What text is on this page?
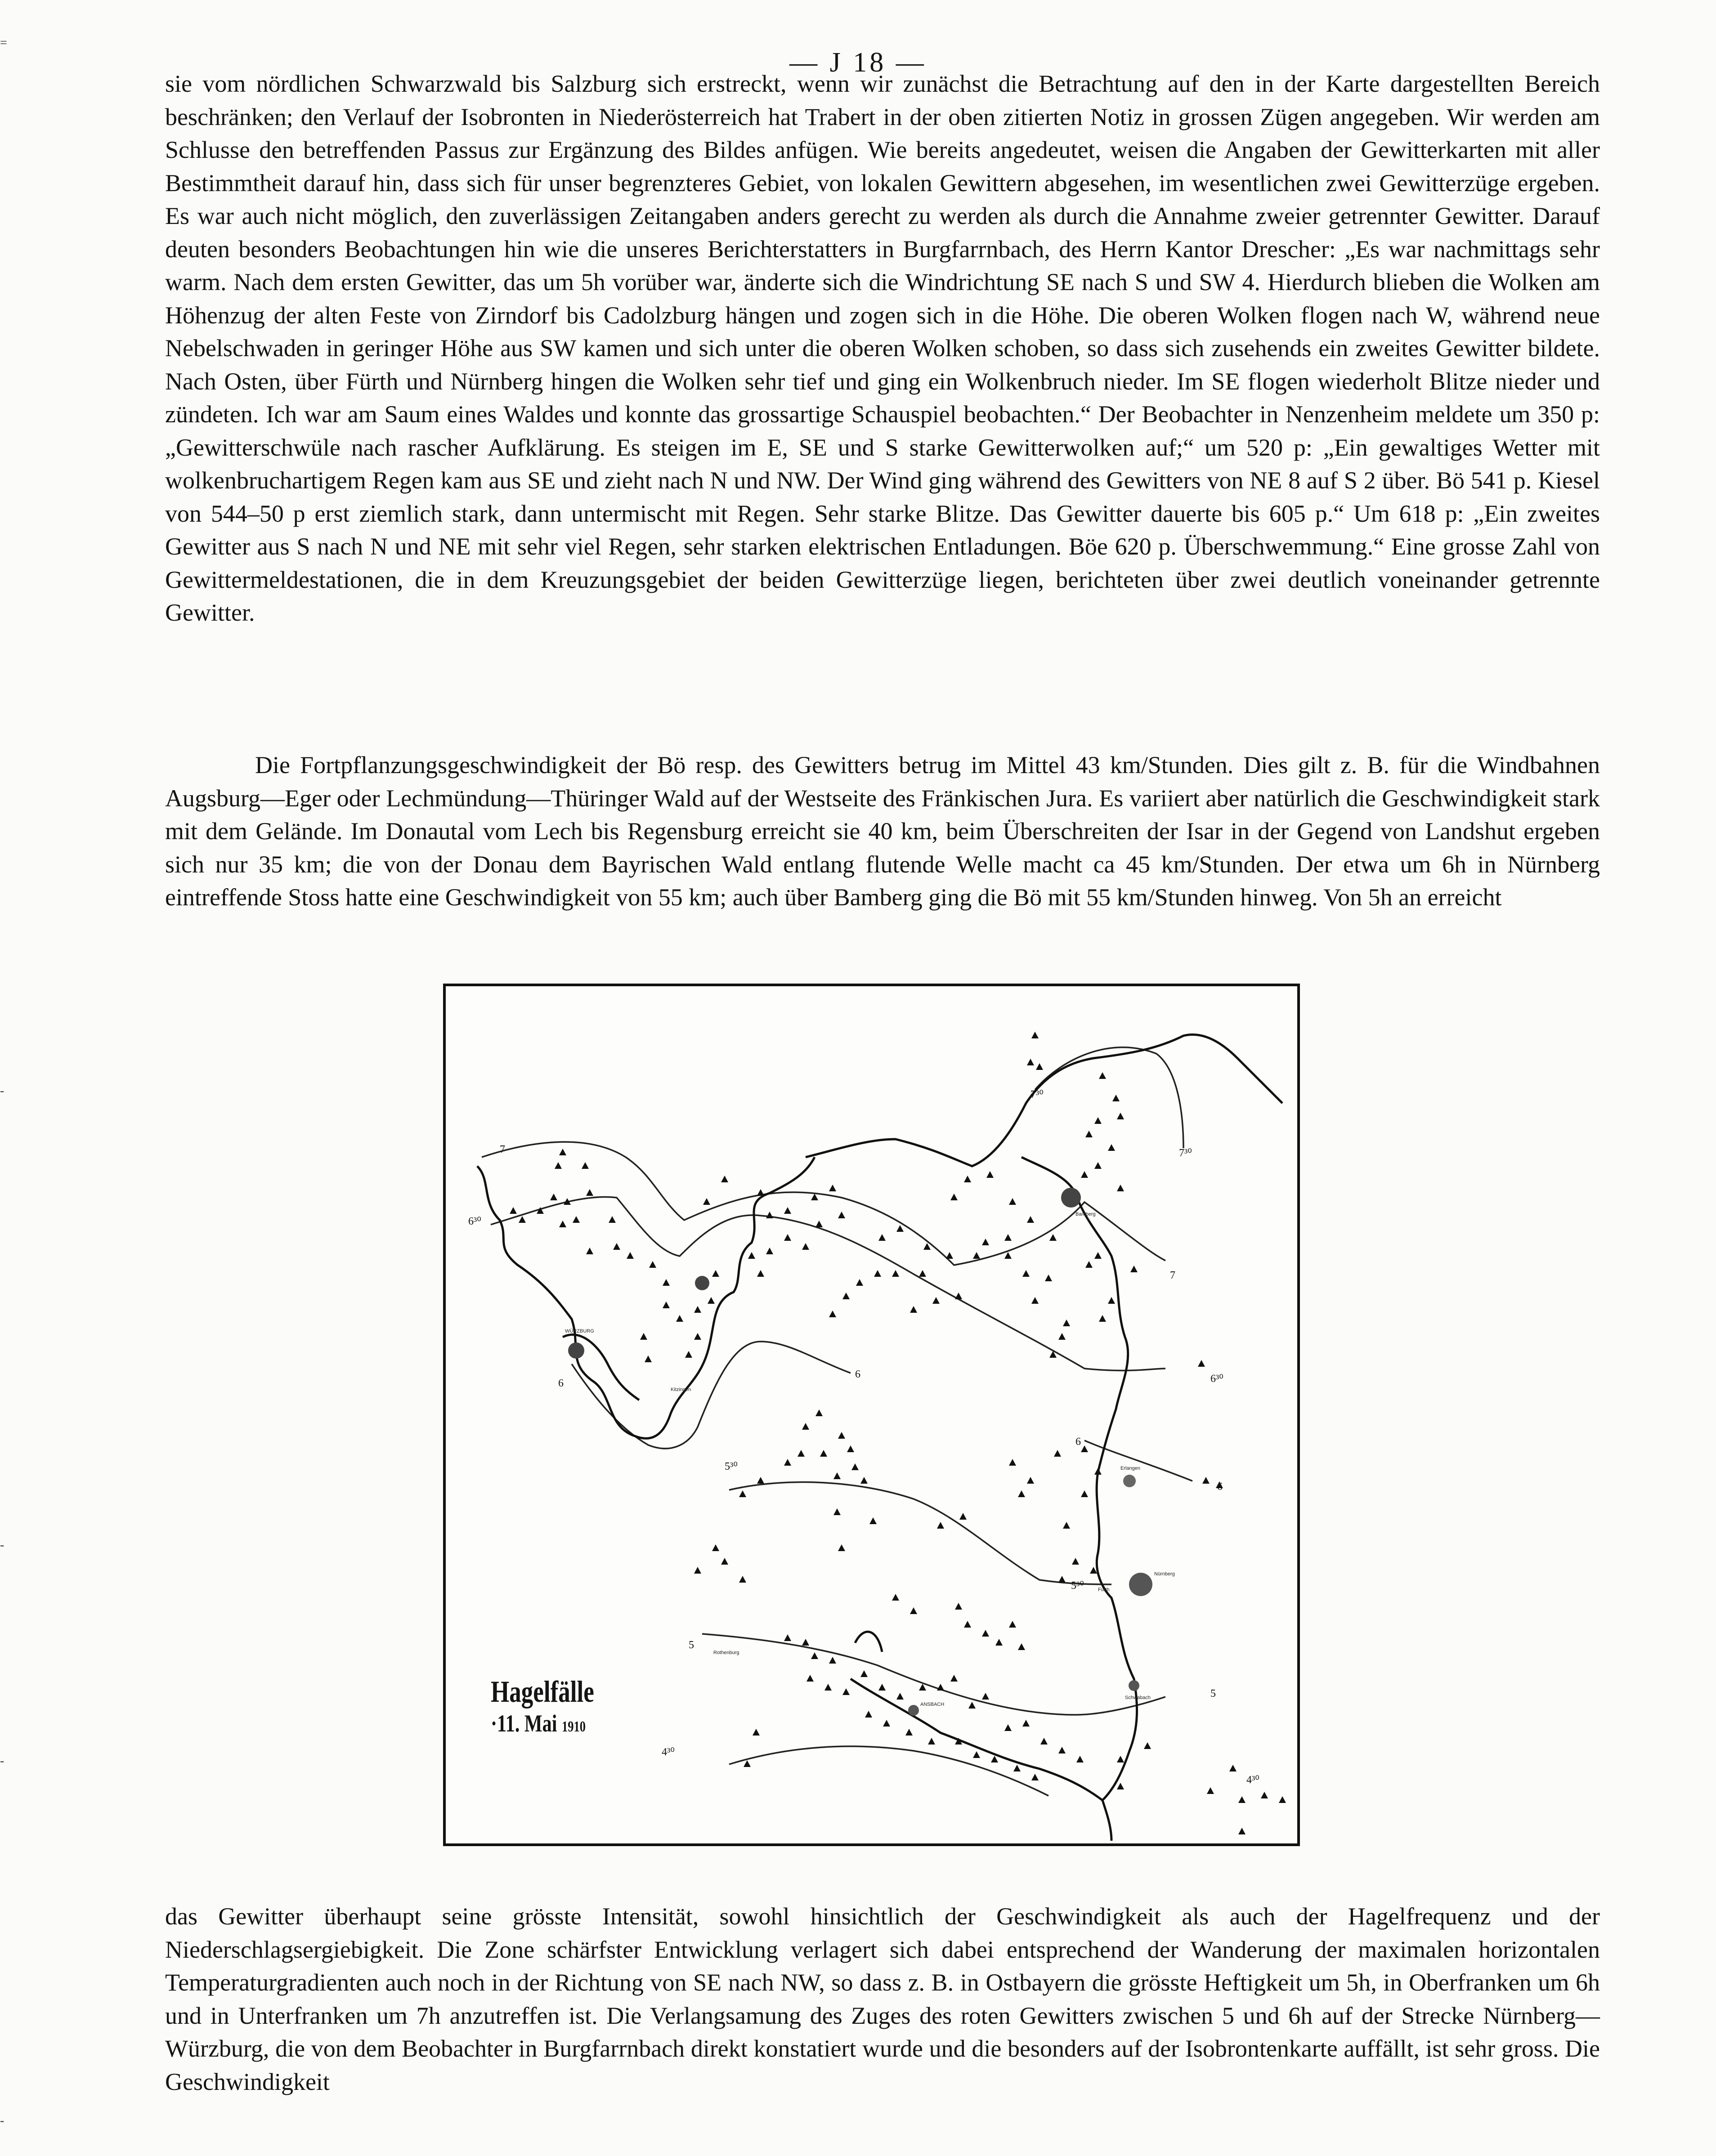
— J 18 —

sie vom nördlichen Schwarzwald bis Salzburg sich erstreckt, wenn wir zunächst die Betrachtung auf den in der Karte dargestellten Bereich beschränken; den Verlauf der Isobronten in Niederösterreich hat Trabert in der oben zitierten Notiz in grossen Zügen angegeben. Wir werden am Schlusse den betreffenden Passus zur Ergänzung des Bildes anfügen. Wie bereits angedeutet, weisen die Angaben der Gewitterkarten mit aller Bestimmtheit darauf hin, dass sich für unser begrenzteres Gebiet, von lokalen Gewittern abgesehen, im wesentlichen zwei Gewitterzüge ergeben. Es war auch nicht möglich, den zuverlässigen Zeitangaben anders gerecht zu werden als durch die Annahme zweier getrennter Gewitter. Darauf deuten besonders Beobachtungen hin wie die unseres Berichterstatters in Burgfarrnbach, des Herrn Kantor Drescher: „Es war nachmittags sehr warm. Nach dem ersten Gewitter, das um 5h vorüber war, änderte sich die Windrichtung SE nach S und SW 4. Hierdurch blieben die Wolken am Höhenzug der alten Feste von Zirndorf bis Cadolzburg hängen und zogen sich in die Höhe. Die oberen Wolken flogen nach W, während neue Nebelschwaden in geringer Höhe aus SW kamen und sich unter die oberen Wolken schoben, so dass sich zusehends ein zweites Gewitter bildete. Nach Osten, über Fürth und Nürnberg hingen die Wolken sehr tief und ging ein Wolkenbruch nieder. Im SE flogen wiederholt Blitze nieder und zündeten. Ich war am Saum eines Waldes und konnte das grossartige Schauspiel beobachten.“ Der Beobachter in Nenzenheim meldete um 350 p: „Gewitterschwüle nach rascher Aufklärung. Es steigen im E, SE und S starke Gewitterwolken auf;“ um 520 p: „Ein gewaltiges Wetter mit wolkenbruchartigem Regen kam aus SE und zieht nach N und NW. Der Wind ging während des Gewitters von NE 8 auf S 2 über. Bö 541 p. Kiesel von 544–50 p erst ziemlich stark, dann untermischt mit Regen. Sehr starke Blitze. Das Gewitter dauerte bis 605 p.“ Um 618 p: „Ein zweites Gewitter aus S nach N und NE mit sehr viel Regen, sehr starken elektrischen Entladungen. Böe 620 p. Überschwemmung.“ Eine grosse Zahl von Gewittermeldestationen, die in dem Kreuzungsgebiet der beiden Gewitterzüge liegen, berichteten über zwei deutlich voneinander getrennte Gewitter.

Die Fortpflanzungsgeschwindigkeit der Bö resp. des Gewitters betrug im Mittel 43 km/Stunden. Dies gilt z. B. für die Windbahnen Augsburg—Eger oder Lechmündung—Thüringer Wald auf der Westseite des Fränkischen Jura. Es variiert aber natürlich die Geschwindigkeit stark mit dem Gelände. Im Donautal vom Lech bis Regensburg erreicht sie 40 km, beim Überschreiten der Isar in der Gegend von Landshut ergeben sich nur 35 km; die von der Donau dem Bayrischen Wald entlang flutende Welle macht ca 45 km/Stunden. Der etwa um 6h in Nürnberg eintreffende Stoss hatte eine Geschwindigkeit von 55 km; auch über Bamberg ging die Bö mit 55 km/Stunden hinweg. Von 5h an erreicht

7³⁰
7³⁰
7
6³⁰
7
6
6	6³⁰
6
5³⁰
5³⁰
5
5
4³⁰
4³⁰
Bamberg
WÜRZBURG
Kitzingen
Erlangen
Nürnberg
Fürth
Rothenburg
ANSBACH
Schwabach
Hagelfälle
·11. Mai 1910

das Gewitter überhaupt seine grösste Intensität, sowohl hinsichtlich der Geschwindigkeit als auch der Hagelfrequenz und der Niederschlagsergiebigkeit. Die Zone schärfster Entwicklung verlagert sich dabei entsprechend der Wanderung der maximalen horizontalen Temperaturgradienten auch noch in der Richtung von SE nach NW, so dass z. B. in Ostbayern die grösste Heftigkeit um 5h, in Oberfranken um 6h und in Unterfranken um 7h anzutreffen ist. Die Verlangsamung des Zuges des roten Gewitters zwischen 5 und 6h auf der Strecke Nürnberg—Würzburg, die von dem Beobachter in Burgfarrnbach direkt konstatiert wurde und die besonders auf der Isobrontenkarte auffällt, ist sehr gross. Die Geschwindigkeit

=
-
-
-
-
